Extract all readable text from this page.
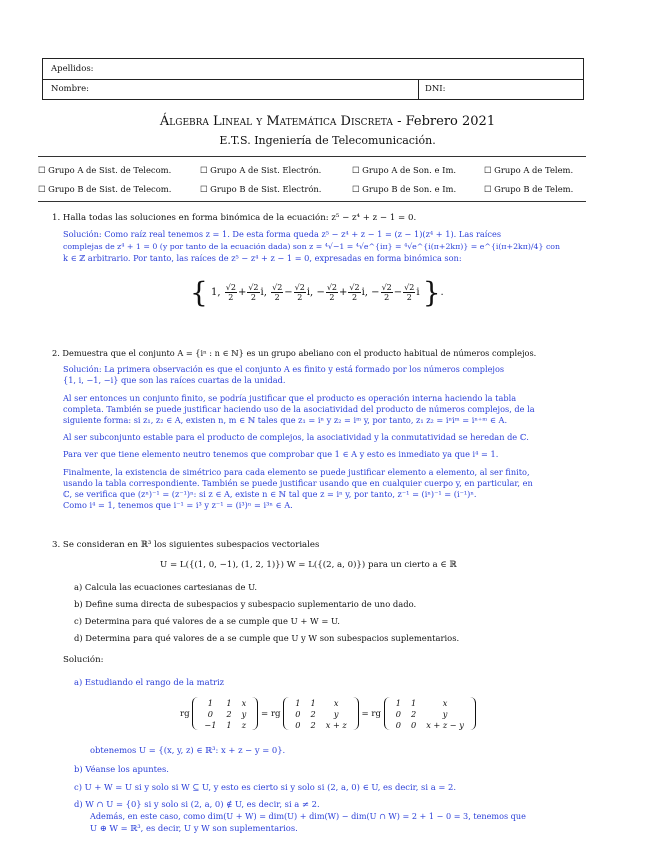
Apellidos:
Nombre:	DNI:
Álgebra Lineal y Matemática Discreta - Febrero 2021
E.T.S. Ingeniería de Telecomunicación.
☐ Grupo A de Sist. de Telecom.	☐ Grupo A de Sist. Electrón.	☐ Grupo A de Son. e Im.	☐ Grupo A de Telem.
☐ Grupo B de Sist. de Telecom.	☐ Grupo B de Sist. Electrón.	☐ Grupo B de Son. e Im.	☐ Grupo B de Telem.
1. Halla todas las soluciones en forma binómica de la ecuación: z⁵ − z⁴ + z − 1 = 0.
Solución: Como raíz real tenemos z = 1. De esta forma queda z⁵ − z⁴ + z − 1 = (z − 1)(z⁴ + 1). Las raíces
complejas de z⁴ + 1 = 0 (y por tanto de la ecuación dada) son z = ⁴√−1 = ⁴√e^{iπ} = ⁴√e^{i(π+2kπ)} = e^{i(π+2kπ)/4} con
k ∈ ℤ arbitrario. Por tanto, las raíces de z⁵ − z⁴ + z − 1 = 0, expresadas en forma binómica son:
{ 1, $\frac{√2}{2} + \frac{√2}{2} i$, $\frac{√2}{2} - \frac{√2}{2} i$, − $\frac{√2}{2} + \frac{√2}{2} i$, − $\frac{√2}{2} - \frac{√2}{2}$ i }.
2. Demuestra que el conjunto A = {iⁿ : n ∈ ℕ} es un grupo abeliano con el producto habitual de números complejos.
Solución: La primera observación es que el conjunto A es finito y está formado por los números complejos
{1, i, −1, −i} que son las raíces cuartas de la unidad.
Al ser entonces un conjunto finito, se podría justificar que el producto es operación interna haciendo la tabla
completa. También se puede justificar haciendo uso de la asociatividad del producto de números complejos, de la
siguiente forma: si z₁, z₂ ∈ A, existen n, m ∈ ℕ tales que z₁ = iⁿ y z₂ = iᵐ y, por tanto, z₁ z₂ = iⁿiᵐ = iⁿ⁺ᵐ ∈ A.
Al ser subconjunto estable para el producto de complejos, la asociatividad y la conmutatividad se heredan de ℂ.
Para ver que tiene elemento neutro tenemos que comprobar que 1 ∈ A y esto es inmediato ya que i⁴ = 1.
Finalmente, la existencia de simétrico para cada elemento se puede justificar elemento a elemento, al ser finito,
usando la tabla correspondiente. También se puede justificar usando que en cualquier cuerpo y, en particular, en
ℂ, se verifica que (zⁿ)⁻¹ = (z⁻¹)ⁿ: si z ∈ A, existe n ∈ ℕ tal que z = iⁿ y, por tanto, z⁻¹ = (iⁿ)⁻¹ = (i⁻¹)ⁿ.
Como i⁴ = 1, tenemos que i⁻¹ = i³ y z⁻¹ = (i³)ⁿ = i³ⁿ ∈ A.
3. Se consideran en ℝ³ los siguientes subespacios vectoriales
U = L({(1, 0, −1), (1, 2, 1)}) W = L({(2, a, 0)}) para un cierto a ∈ ℝ
a) Calcula las ecuaciones cartesianas de U.
b) Define suma directa de subespacios y subespacio suplementario de uno dado.
c) Determina para qué valores de a se cumple que U + W = U.
d) Determina para qué valores de a se cumple que U y W son subespacios suplementarios.
Solución:
a) Estudiando el rango de la matriz
rg
1	1	x
0	2	y
−1	1	z
= rg
1	1	x
0	2	y
0	2	x + z
= rg
1	1	x
0	2	y
0	0	x + z − y
obtenemos U = {(x, y, z) ∈ ℝ³: x + z − y = 0}.
b) Véanse los apuntes.
c) U + W = U si y solo si W ⊆ U, y esto es cierto si y solo si (2, a, 0) ∈ U, es decir, si a = 2.
d) W ∩ U = {0} si y solo si (2, a, 0) ∉ U, es decir, si a ≠ 2.
Además, en este caso, como dim(U + W) = dim(U) + dim(W) − dim(U ∩ W) = 2 + 1 − 0 = 3, tenemos que
U ⊕ W = ℝ³, es decir, U y W son suplementarios.
